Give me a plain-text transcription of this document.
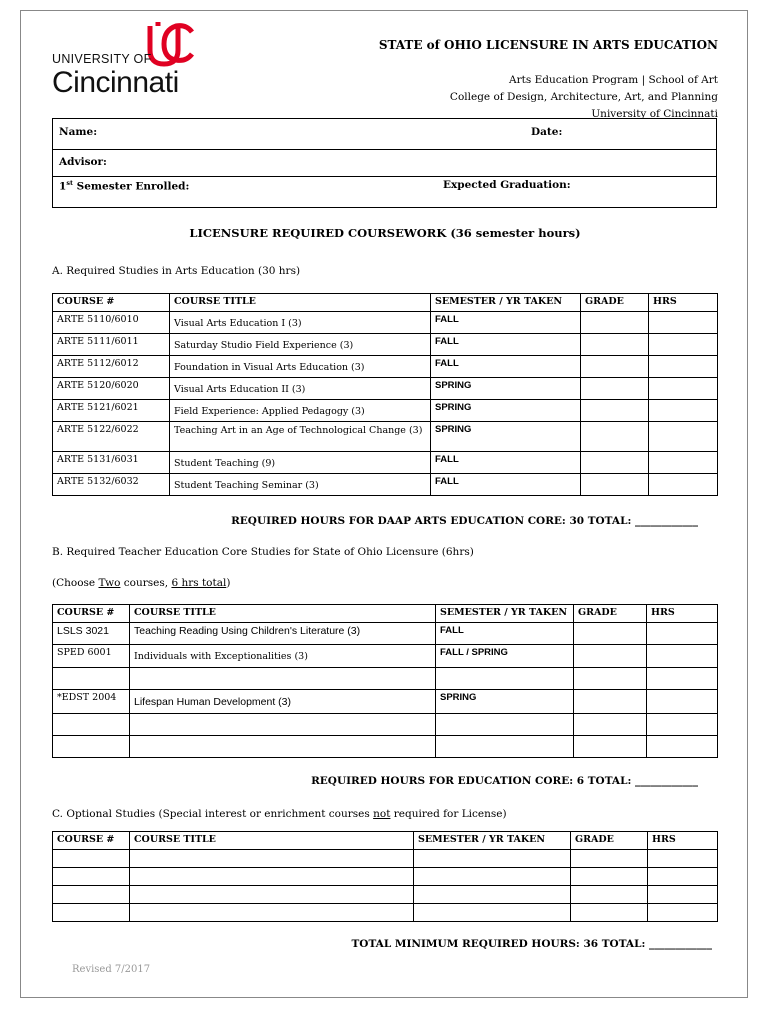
UNIVERSITY OF
Cincinnati
STATE of OHIO LICENSURE IN ARTS EDUCATION
Arts Education Program | School of Art
College of Design, Architecture, Art, and Planning
University of Cincinnati
Name:	Date:
Advisor:
1st Semester Enrolled:	Expected Graduation:
LICENSURE REQUIRED COURSEWORK (36 semester hours)
A. Required Studies in Arts Education (30 hrs)
COURSE #	COURSE TITLE	SEMESTER / YR TAKEN	GRADE	HRS
ARTE 5110/6010	Visual Arts Education I (3)	FALL		
ARTE 5111/6011	Saturday Studio Field Experience (3)	FALL		
ARTE 5112/6012	Foundation in Visual Arts Education (3)	FALL		
ARTE 5120/6020	Visual Arts Education II (3)	SPRING		
ARTE 5121/6021	Field Experience: Applied Pedagogy (3)	SPRING		
ARTE 5122/6022	Teaching Art in an Age of Technological Change (3)	SPRING		
ARTE 5131/6031	Student Teaching (9)	FALL		
ARTE 5132/6032	Student Teaching Seminar (3)	FALL		
REQUIRED HOURS FOR DAAP ARTS EDUCATION CORE: 30 TOTAL: ____________
B. Required Teacher Education Core Studies for State of Ohio Licensure (6hrs)
(Choose Two courses, 6 hrs total)
COURSE #	COURSE TITLE	SEMESTER / YR TAKEN	GRADE	HRS
LSLS 3021	Teaching Reading Using Children's Literature (3)	FALL		
SPED 6001	Individuals with Exceptionalities (3)	FALL / SPRING		

*EDST 2004	Lifespan Human Development (3)	SPRING		

REQUIRED HOURS FOR EDUCATION CORE: 6 TOTAL: ____________
C. Optional Studies (Special interest or enrichment courses not required for License)
COURSE #	COURSE TITLE	SEMESTER / YR TAKEN	GRADE	HRS

TOTAL MINIMUM REQUIRED HOURS: 36 TOTAL: ____________
Revised 7/2017
